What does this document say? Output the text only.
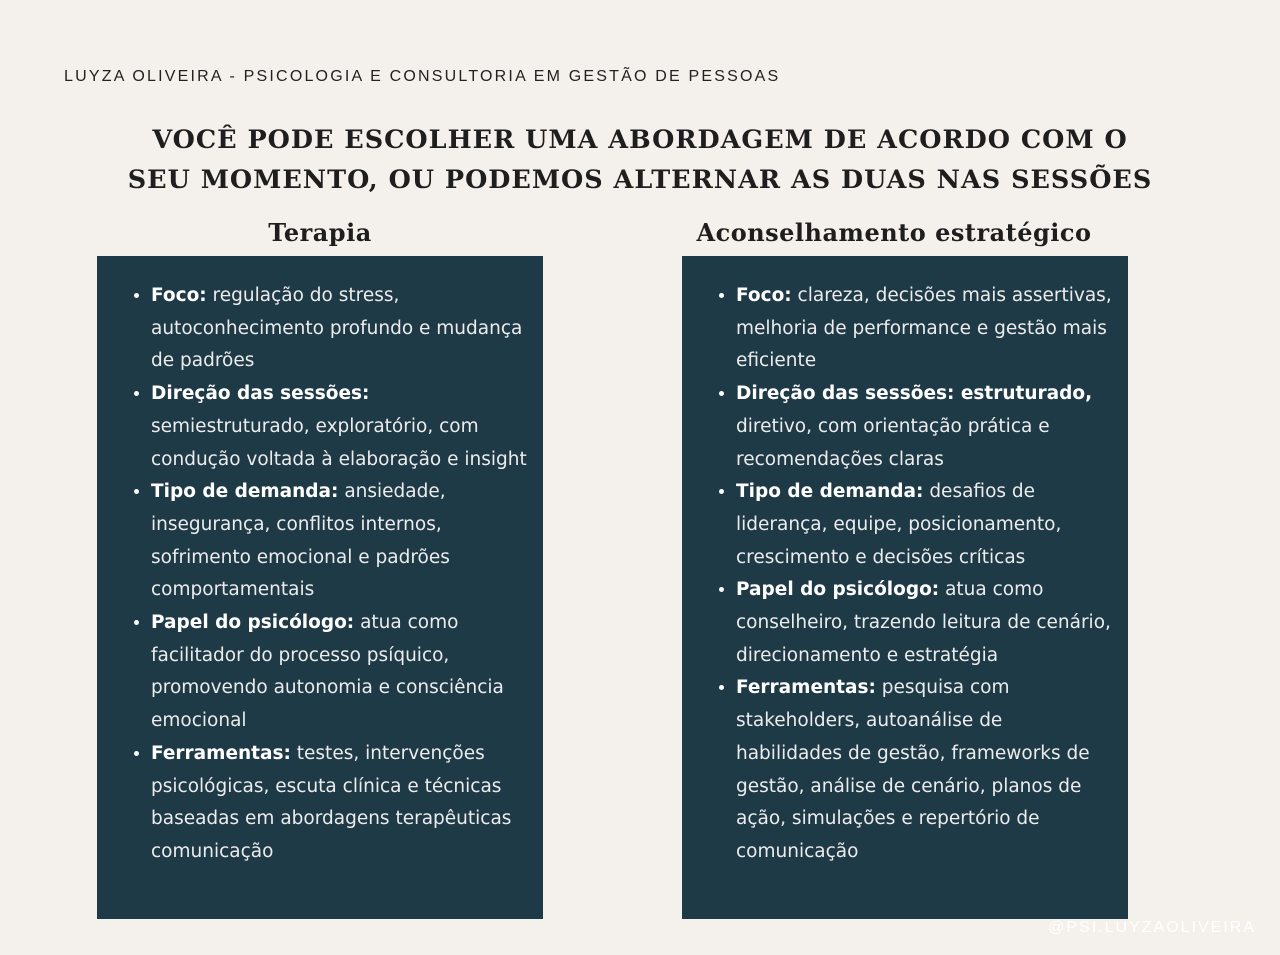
LUYZA OLIVEIRA - PSICOLOGIA E CONSULTORIA EM GESTÃO DE PESSOAS
VOCÊ PODE ESCOLHER UMA ABORDAGEM DE ACORDO COM O
SEU MOMENTO, OU PODEMOS ALTERNAR AS DUAS NAS SESSÕES
Terapia	Aconselhamento estratégico
• Foco: regulação do stress, autoconhecimento profundo e mudança de padrões
• Direção das sessões: semiestruturado, exploratório, com condução voltada à elaboração e insight
• Tipo de demanda: ansiedade, insegurança, conflitos internos, sofrimento emocional e padrões comportamentais
• Papel do psicólogo: atua como facilitador do processo psíquico, promovendo autonomia e consciência emocional
• Ferramentas: testes, intervenções psicológicas, escuta clínica e técnicas baseadas em abordagens terapêuticas comunicação
• Foco: clareza, decisões mais assertivas, melhoria de performance e gestão mais eficiente
• Direção das sessões: estruturado, diretivo, com orientação prática e recomendações claras
• Tipo de demanda: desafios de liderança, equipe, posicionamento, crescimento e decisões críticas
• Papel do psicólogo: atua como conselheiro, trazendo leitura de cenário, direcionamento e estratégia
• Ferramentas: pesquisa com stakeholders, autoanálise de habilidades de gestão, frameworks de gestão, análise de cenário, planos de ação, simulações e repertório de comunicação
@PSI.LUYZAOLIVEIRA
